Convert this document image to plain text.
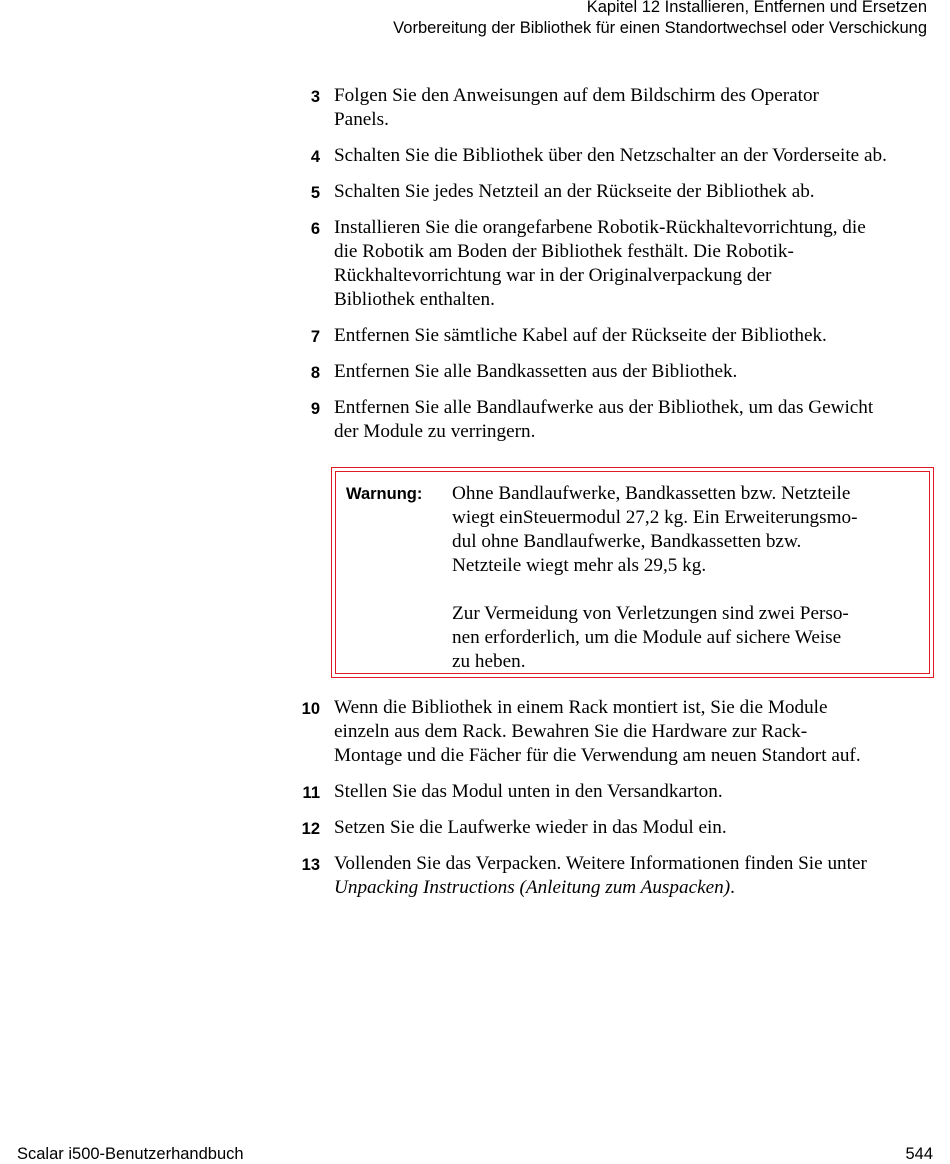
Kapitel 12 Installieren, Entfernen und Ersetzen
Vorbereitung der Bibliothek für einen Standortwechsel oder Verschickung
3 Folgen Sie den Anweisungen auf dem Bildschirm des Operator
Panels.
4 Schalten Sie die Bibliothek über den Netzschalter an der Vorderseite ab.
5 Schalten Sie jedes Netzteil an der Rückseite der Bibliothek ab.
6 Installieren Sie die orangefarbene Robotik-Rückhaltevorrichtung, die
die Robotik am Boden der Bibliothek festhält. Die Robotik-
Rückhaltevorrichtung war in der Originalverpackung der
Bibliothek enthalten.
7 Entfernen Sie sämtliche Kabel auf der Rückseite der Bibliothek.
8 Entfernen Sie alle Bandkassetten aus der Bibliothek.
9 Entfernen Sie alle Bandlaufwerke aus der Bibliothek, um das Gewicht
der Module zu verringern.
Warnung: Ohne Bandlaufwerke, Bandkassetten bzw. Netzteile
wiegt einSteuermodul 27,2 kg. Ein Erweiterungsmo-
dul ohne Bandlaufwerke, Bandkassetten bzw.
Netzteile wiegt mehr als 29,5 kg.

Zur Vermeidung von Verletzungen sind zwei Perso-
nen erforderlich, um die Module auf sichere Weise
zu heben.

10 Wenn die Bibliothek in einem Rack montiert ist, Sie die Module
einzeln aus dem Rack. Bewahren Sie die Hardware zur Rack-
Montage und die Fächer für die Verwendung am neuen Standort auf.
11 Stellen Sie das Modul unten in den Versandkarton.
12 Setzen Sie die Laufwerke wieder in das Modul ein.
13 Vollenden Sie das Verpacken. Weitere Informationen finden Sie unter
Unpacking Instructions (Anleitung zum Auspacken).
Scalar i500-Benutzerhandbuch	544
